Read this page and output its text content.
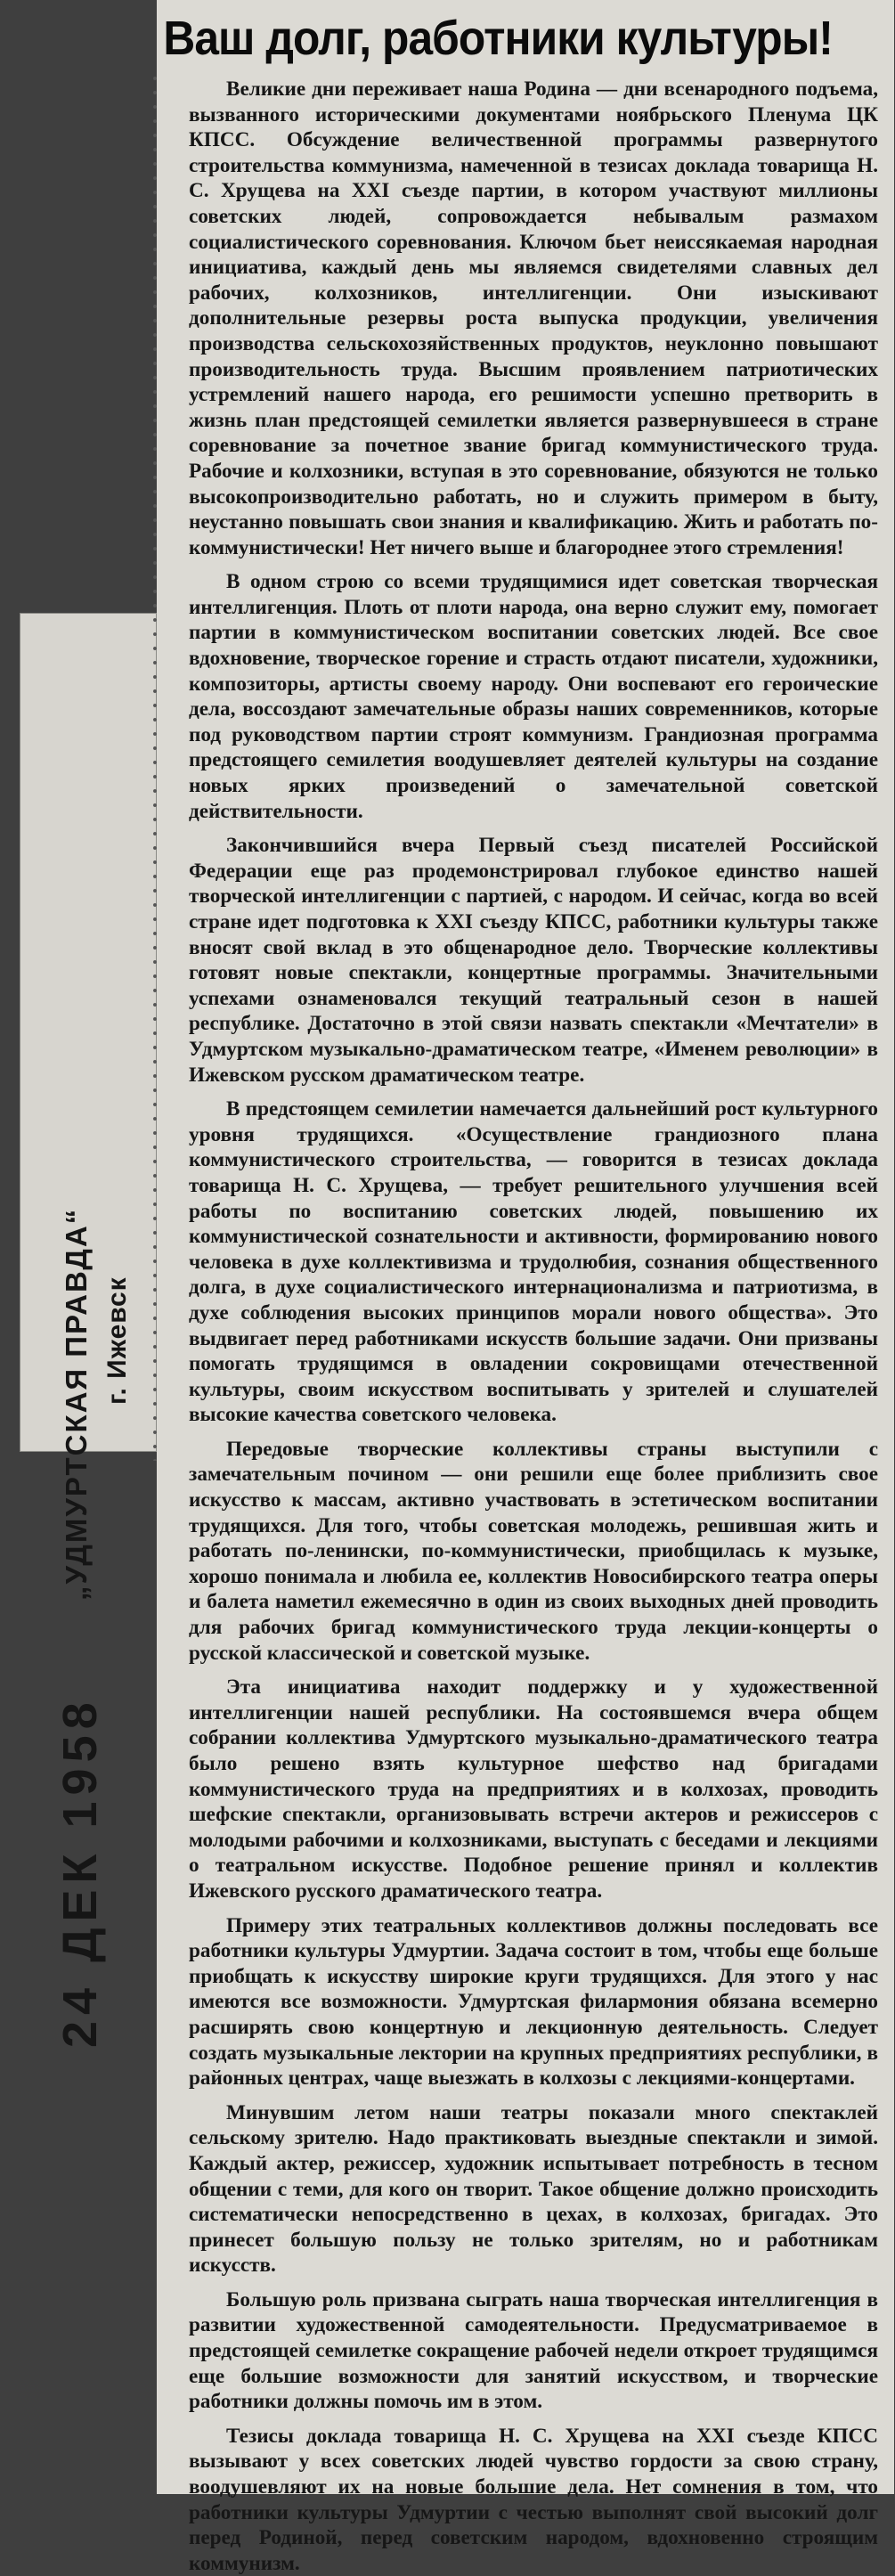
„УДМУРТСКАЯ ПРАВДА“ г. Ижевск
24 ДЕК 1958
Ваш долг, работники культуры!

Великие дни переживает наша Родина — дни всенародного подъема, вызванного историческими документами ноябрьского Пленума ЦК КПСС. Обсуждение величественной программы развернутого строительства коммунизма, намеченной в тезисах доклада товарища Н. С. Хрущева на XXI съезде партии, в котором участвуют миллионы советских людей, сопровождается небывалым размахом социалистического соревнования. Ключом бьет неиссякаемая народная инициатива, каждый день мы являемся свидетелями славных дел рабочих, колхозников, интеллигенции. Они изыскивают дополнительные резервы роста выпуска продукции, увеличения производства сельскохозяйственных продуктов, неуклонно повышают производительность труда. Высшим проявлением патриотических устремлений нашего народа, его решимости успешно претворить в жизнь план предстоящей семилетки является развернувшееся в стране соревнование за почетное звание бригад коммунистического труда. Рабочие и колхозники, вступая в это соревнование, обязуются не только высокопроизводительно работать, но и служить примером в быту, неустанно повышать свои знания и квалификацию. Жить и работать по-коммунистически! Нет ничего выше и благороднее этого стремления!

В одном строю со всеми трудящимися идет советская творческая интеллигенция. Плоть от плоти народа, она верно служит ему, помогает партии в коммунистическом воспитании советских людей. Все свое вдохновение, творческое горение и страсть отдают писатели, художники, композиторы, артисты своему народу. Они воспевают его героические дела, воссоздают замечательные образы наших современников, которые под руководством партии строят коммунизм. Грандиозная программа предстоящего семилетия воодушевляет деятелей культуры на создание новых ярких произведений о замечательной советской действительности.

Закончившийся вчера Первый съезд писателей Российской Федерации еще раз продемонстрировал глубокое единство нашей творческой интеллигенции с партией, с народом. И сейчас, когда во всей стране идет подготовка к XXI съезду КПСС, работники культуры также вносят свой вклад в это общенародное дело. Творческие коллективы готовят новые спектакли, концертные программы. Значительными успехами ознаменовался текущий театральный сезон в нашей республике. Достаточно в этой связи назвать спектакли «Мечтатели» в Удмуртском музыкально-драматическом театре, «Именем революции» в Ижевском русском драматическом театре.

В предстоящем семилетии намечается дальнейший рост культурного уровня трудящихся. «Осуществление грандиозного плана коммунистического строительства, — говорится в тезисах доклада товарища Н. С. Хрущева, — требует решительного улучшения всей работы по воспитанию советских людей, повышению их коммунистической сознательности и активности, формированию нового человека в духе коллективизма и трудолюбия, сознания общественного долга, в духе социалистического интернационализма и патриотизма, в духе соблюдения высоких принципов морали нового общества». Это выдвигает перед работниками искусств большие задачи. Они призваны помогать трудящимся в овладении сокровищами отечественной культуры, своим искусством воспитывать у зрителей и слушателей высокие качества советского человека.

Передовые творческие коллективы страны выступили с замечательным почином — они решили еще более приблизить свое искусство к массам, активно участвовать в эстетическом воспитании трудящихся. Для того, чтобы советская молодежь, решившая жить и работать по-ленински, по-коммунистически, приобщилась к музыке, хорошо понимала и любила ее, коллектив Новосибирского театра оперы и балета наметил ежемесячно в один из своих выходных дней проводить для рабочих бригад коммунистического труда лекции-концерты о русской классической и советской музыке.

Эта инициатива находит поддержку и у художественной интеллигенции нашей республики. На состоявшемся вчера общем собрании коллектива Удмуртского музыкально-драматического театра было решено взять культурное шефство над бригадами коммунистического труда на предприятиях и в колхозах, проводить шефские спектакли, организовывать встречи актеров и режиссеров с молодыми рабочими и колхозниками, выступать с беседами и лекциями о театральном искусстве. Подобное решение принял и коллектив Ижевского русского драматического театра.

Примеру этих театральных коллективов должны последовать все работники культуры Удмуртии. Задача состоит в том, чтобы еще больше приобщать к искусству широкие круги трудящихся. Для этого у нас имеются все возможности. Удмуртская филармония обязана всемерно расширять свою концертную и лекционную деятельность. Следует создать музыкальные лектории на крупных предприятиях республики, в районных центрах, чаще выезжать в колхозы с лекциями-концертами.

Минувшим летом наши театры показали много спектаклей сельскому зрителю. Надо практиковать выездные спектакли и зимой. Каждый актер, режиссер, художник испытывает потребность в тесном общении с теми, для кого он творит. Такое общение должно происходить систематически непосредственно в цехах, в колхозах, бригадах. Это принесет большую пользу не только зрителям, но и работникам искусств.

Большую роль призвана сыграть наша творческая интеллигенция в развитии художественной самодеятельности. Предусматриваемое в предстоящей семилетке сокращение рабочей недели откроет трудящимся еще большие возможности для занятий искусством, и творческие работники должны помочь им в этом.

Тезисы доклада товарища Н. С. Хрущева на XXI съезде КПСС вызывают у всех советских людей чувство гордости за свою страну, воодушевляют их на новые большие дела. Нет сомнения в том, что работники культуры Удмуртии с честью выполнят свой высокий долг перед Родиной, перед советским народом, вдохновенно строящим коммунизм.
